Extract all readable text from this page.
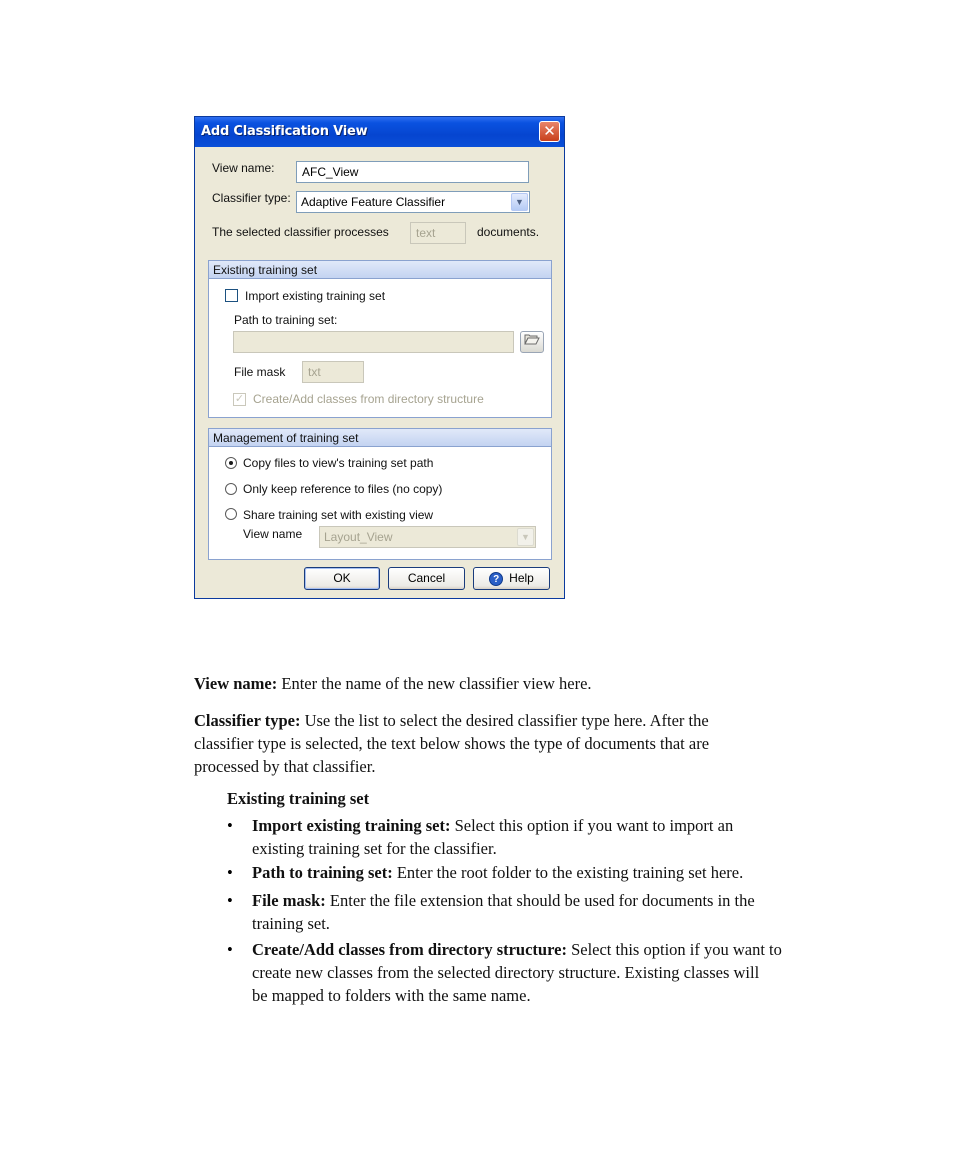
Add Classification View	✕
View name:	AFC_View
Classifier type: Adaptive Feature Classifier	▼
The selected classifier processes	text	documents.
Existing training set
Import existing training set
Path to training set:
File mask	txt
✓ Create/Add classes from directory structure
Management of training set
Copy files to view's training set path
Only keep reference to files (no copy)
Share training set with existing view
View name	Layout_View	▼
OK	Cancel	? Help
View name: Enter the name of the new classifier view here.
Classifier type: Use the list to select the desired classifier type here. After the
classifier type is selected, the text below shows the type of documents that are
processed by that classifier.
Existing training set
• Import existing training set: Select this option if you want to import an
existing training set for the classifier.
• Path to training set: Enter the root folder to the existing training set here.
• File mask: Enter the file extension that should be used for documents in the
training set.
• Create/Add classes from directory structure: Select this option if you want to
create new classes from the selected directory structure. Existing classes will
be mapped to folders with the same name.
